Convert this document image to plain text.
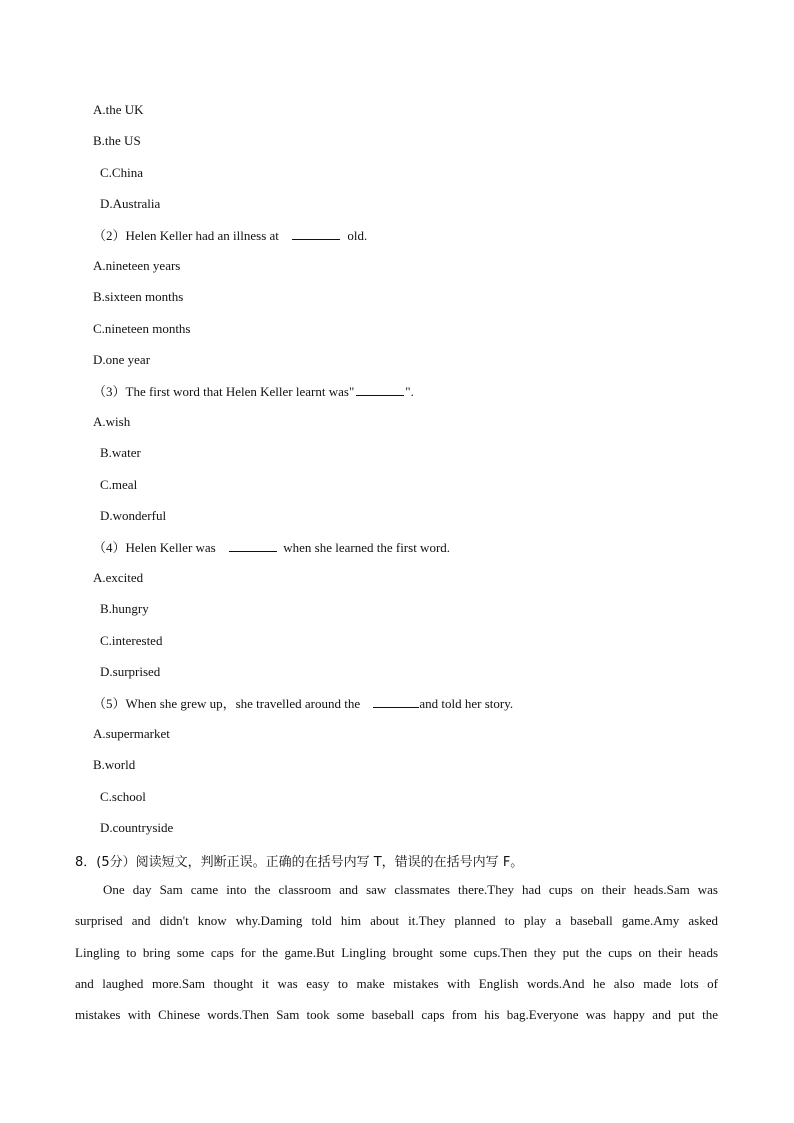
A.the UK
B.the US
C.China
D.Australia
（2）Helen Keller had an illness at	old.
A.nineteen years
B.sixteen months
C.nineteen months
D.one year
（3）The first word that Helen Keller learnt was"	".
A.wish
B.water
C.meal
D.wonderful
（4）Helen Keller was	when she learned the first word.
A.excited
B.hungry
C.interested
D.surprised
（5）When she grew up，she travelled around the	and told her story.
A.supermarket
B.world
C.school
D.countryside
8．(5分）阅读短文，判断正误。正确的在括号内写 T，错误的在括号内写 F。
One day Sam came into the classroom and saw classmates there.They had cups on their heads.Sam was
surprised and didn't know why.Daming told him about it.They planned to play a baseball game.Amy asked
Lingling to bring some caps for the game.But Lingling brought some cups.Then they put the cups on their heads
and laughed more.Sam thought it was easy to make mistakes with English words.And he also made lots of
mistakes with Chinese words.Then Sam took some baseball caps from his bag.Everyone was happy and put the
